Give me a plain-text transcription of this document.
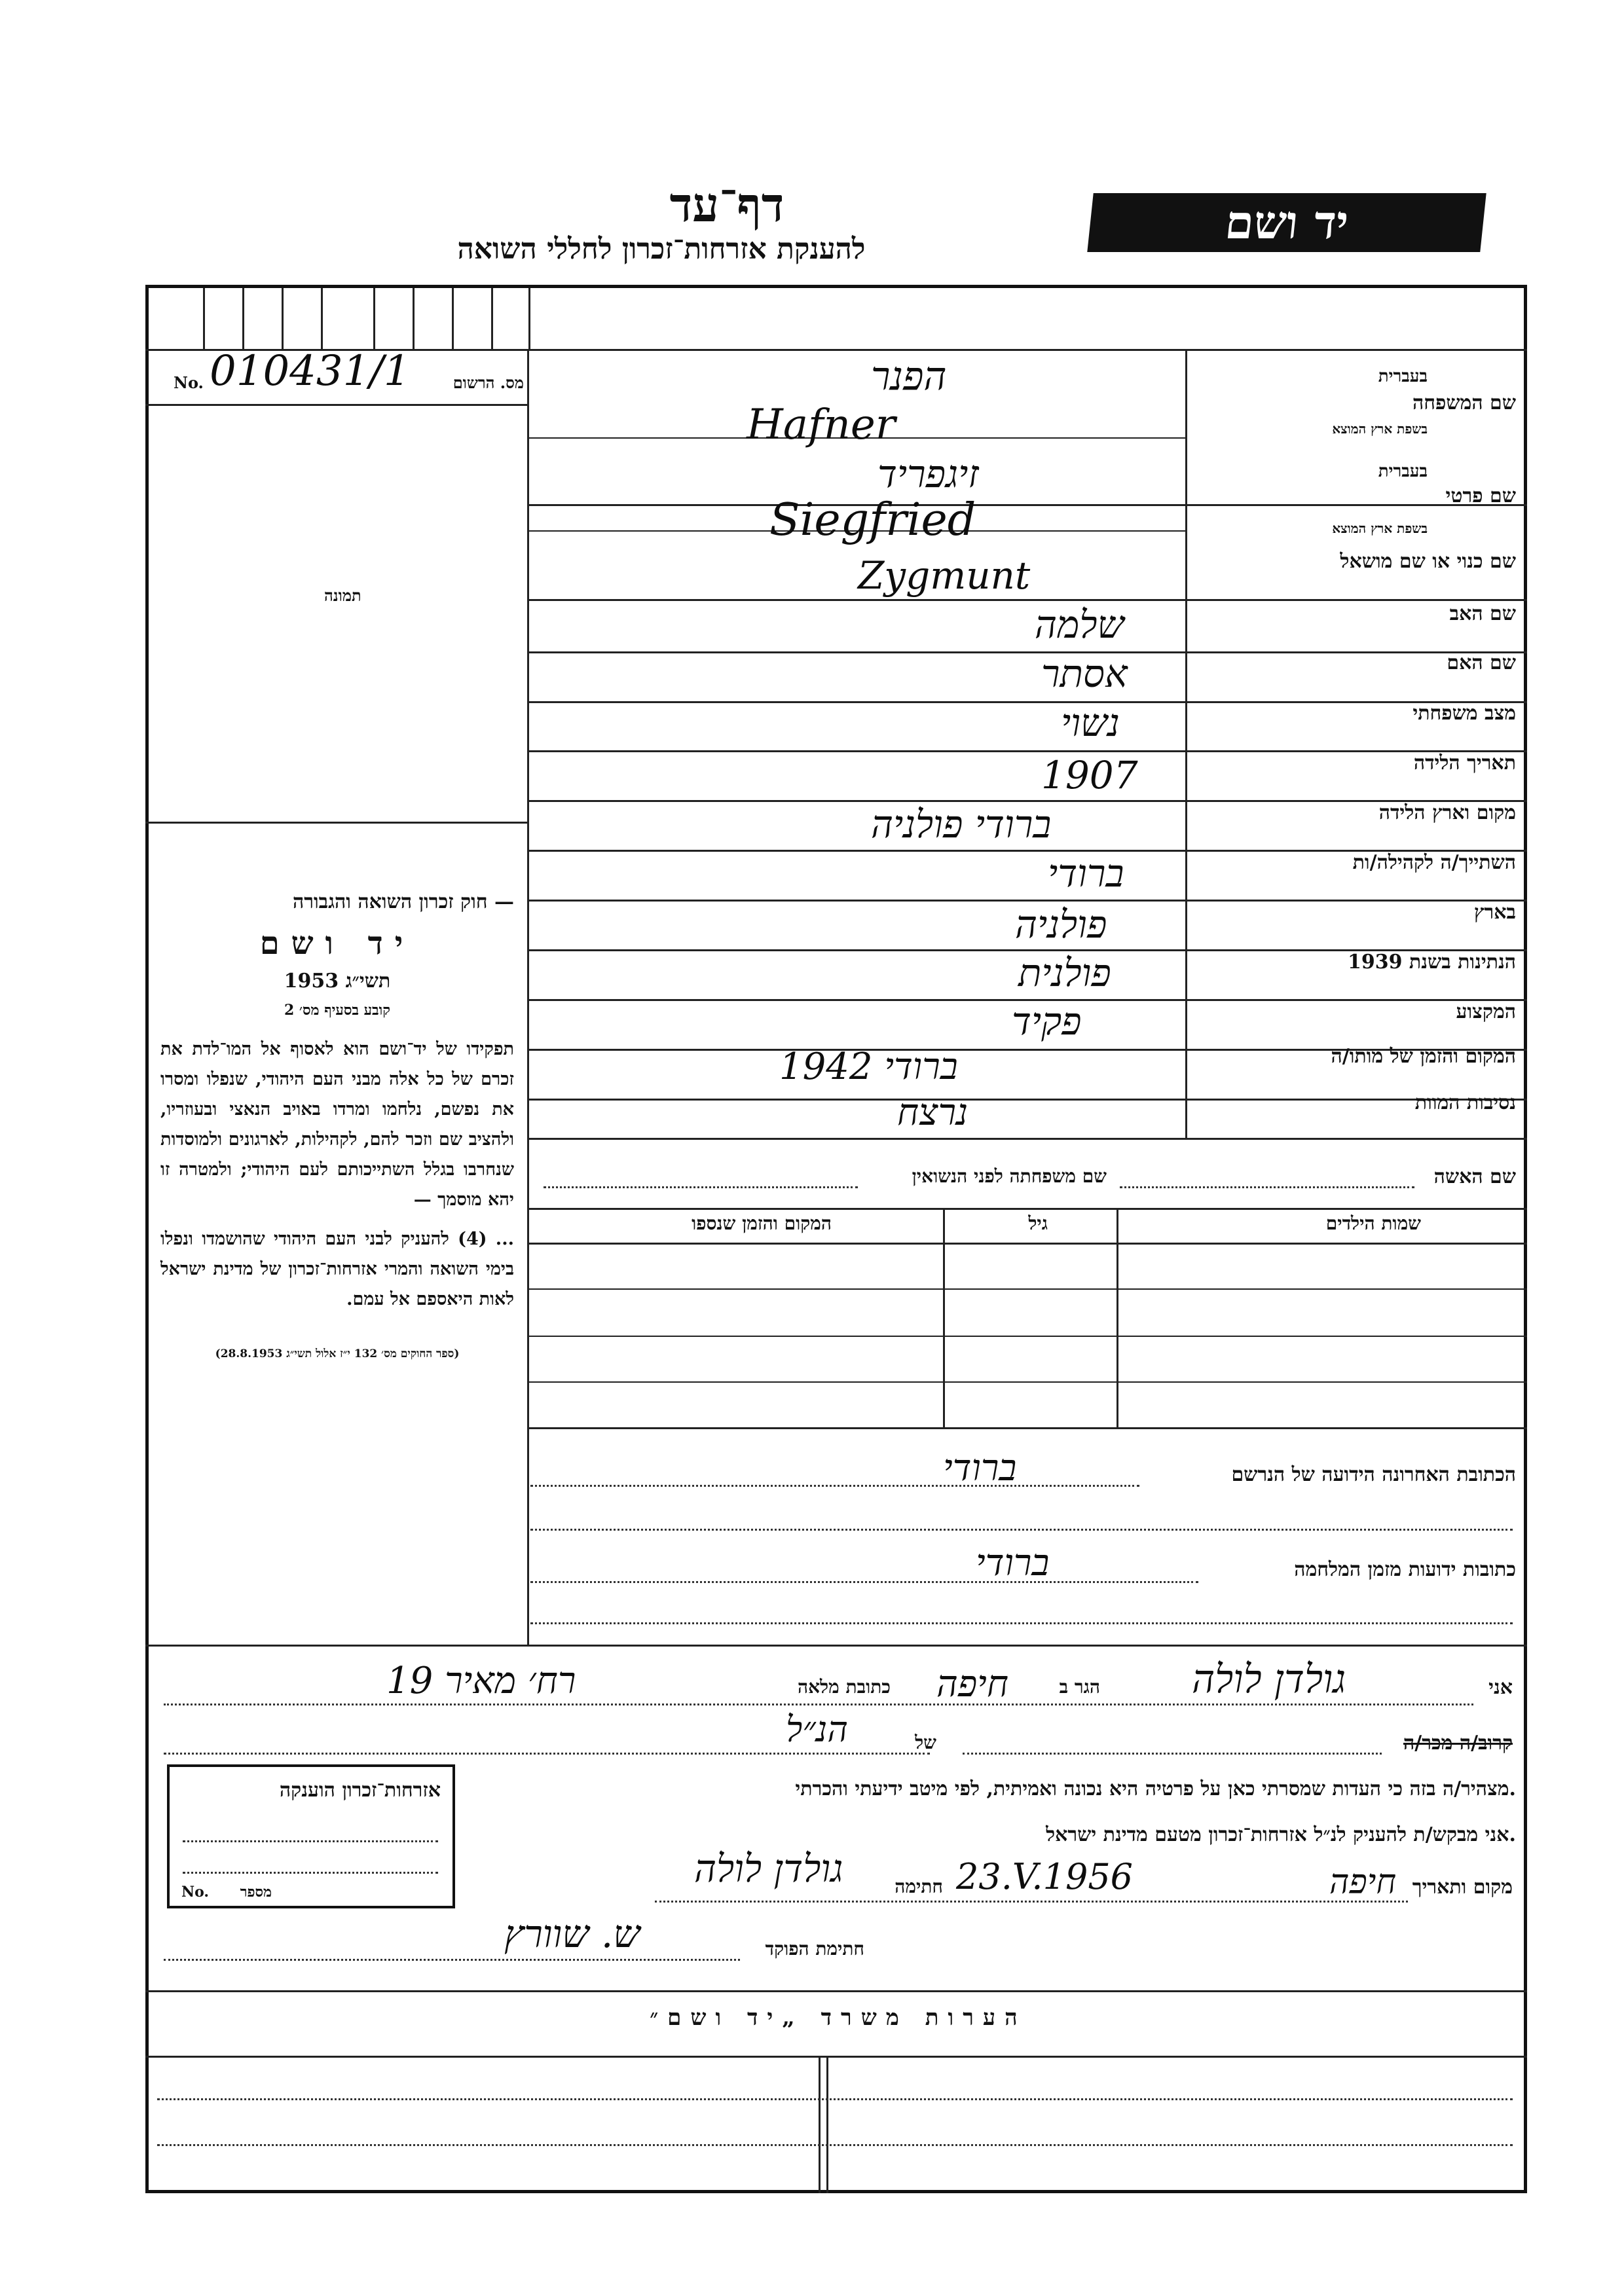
יד ושם
דף־עד
להענקת אזרחות־זכרון לחללי השואה
No. 010431/1	מס. הרשום
תמונה
חוק זכרון השואה והגבורה —
יד ושם
תשי״ג 1953
קובע בסעיף מס׳ 2
תפקידו של יד־ושם הוא לאסוף אל המו־לדת את זכרם של כל אלה מבני העם היהודי, שנפלו ומסרו את נפשם, נלחמו ומרדו באויב הנאצי ובעוזריו, ולהציב שם וזכר להם, לקהילות, לארגונים ולמוסדות שנחרבו בגלל השתייכותם לעם היהודי; ולמטרה זו יהא מוסמך —
... (4) להעניק לבני העם היהודי שהושמדו ונפלו בימי השואה והמרי אזרחות־זכרון של מדינת ישראל לאות היאספם אל עמם.
(ספר החוקים מס׳ 132 י״ז אלול תשי״ג 28.8.1953)
בעברית
שם המשפחה
בשפת ארץ המוצא
בעברית
שם פרטי
בשפת ארץ המוצא
שם כנוי או שם מושאל
שם האב
שם האם
מצב משפחתי
תאריך הלידה
מקום וארץ הלידה
השתייך/ה לקהילה/ות
בארץ
הנתינות בשנת 1939
המקצוע
המקום והזמן של מותו/ה
נסיבות המוות
הפנר
Hafner
זיגפריד
Siegfried
Zygmunt
שלמה
אסתר
נשוי
1907
ברודי פולניה
ברודי
פולניה
פולנית
פקיד
ברודי 1942
נרצח
שם האשה
שם משפחתה לפני הנשואין
שמות הילדים
גיל
המקום והזמן שנספו
הכתובת האחרונה הידועה של הנרשם
ברודי
כתובות ידועות מזמן המלחמה
ברודי
אני
גולדן לולה
הגר ב
חיפה
כתובת מלאה
רח׳ מאיר 19
קרוב/ה מכר/ה
הנ״ל	של
מצהיר/ה בזה כי העדות שמסרתי כאן על פרטיה היא נכונה ואמיתית, לפי מיטב ידיעתי והכרתי.
אני מבקש/ת להעניק לנ״ל אזרחות־זכרון מטעם מדינת ישראל.
מקום ותאריך
חיפה
23.V.1956
חתימה
גולדן לולה
חתימת הפוקד
ש. שוורץ
אזרחות־זכרון הוענקה
No. מספר
הערות משרד „יד ושם״
